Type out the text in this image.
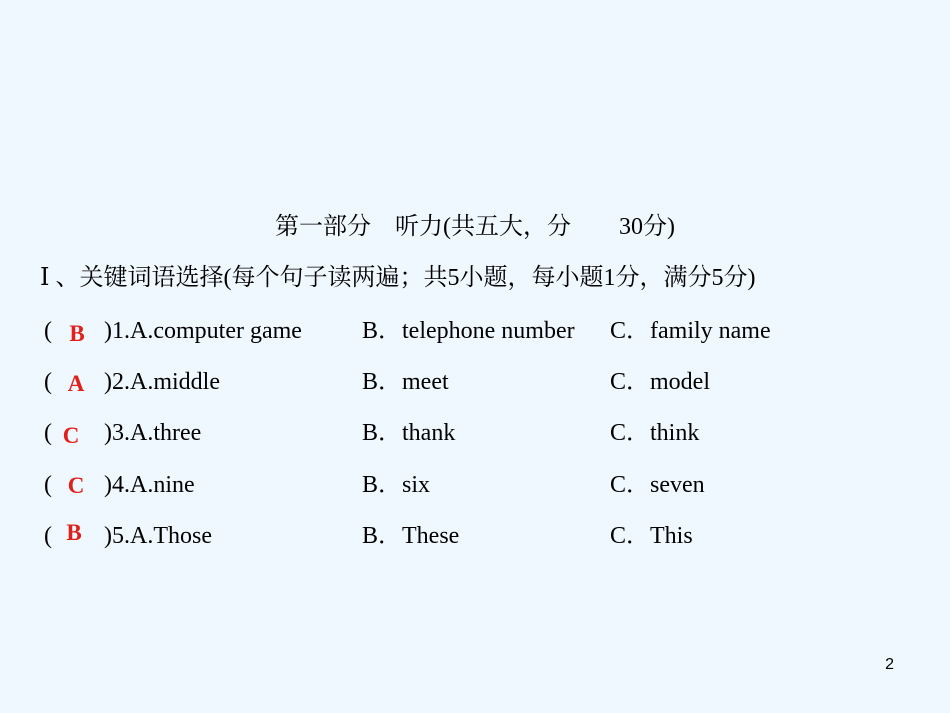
第一部分　听力(共五大，分　　30分)
Ⅰ 、关键词语选择(每个句子读两遍；共5小题，每小题1分，满分5分)
( B )1.A.computer game	B．telephone number C．family name
( A )2.A.middle	B．meet	C．model
( C )3.A.three	B．thank	C．think
( C )4.A.nine	B．six	C．seven
( B )5.A.Those	B．These	C．This
2
